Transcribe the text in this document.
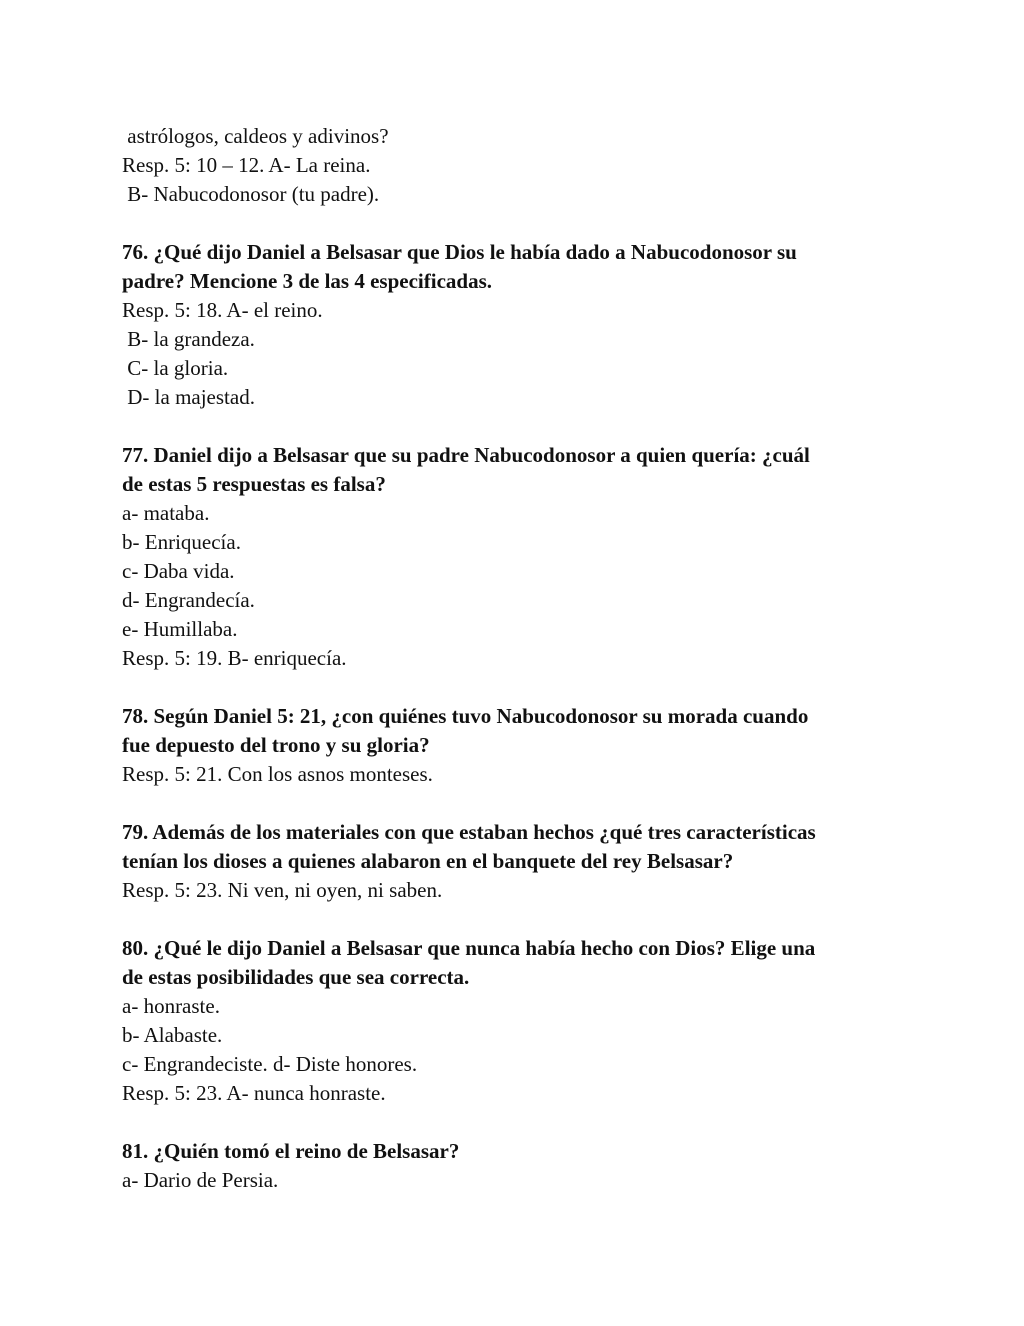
astrólogos, caldeos y adivinos?

Resp. 5: 10 – 12. A- La reina.

B- Nabucodonosor (tu padre).

76. ¿Qué dijo Daniel a Belsasar que Dios le había dado a Nabucodonosor su

padre? Mencione 3 de las 4 especificadas.

Resp. 5: 18. A- el reino.

B- la grandeza.

C- la gloria.

D- la majestad.

77. Daniel dijo a Belsasar que su padre Nabucodonosor a quien quería: ¿cuál

de estas 5 respuestas es falsa?

a- mataba.

b- Enriquecía.

c- Daba vida.

d- Engrandecía.

e- Humillaba.

Resp. 5: 19. B- enriquecía.

78. Según Daniel 5: 21, ¿con quiénes tuvo Nabucodonosor su morada cuando

fue depuesto del trono y su gloria?

Resp. 5: 21. Con los asnos monteses.

79. Además de los materiales con que estaban hechos ¿qué tres características

tenían los dioses a quienes alabaron en el banquete del rey Belsasar?

Resp. 5: 23. Ni ven, ni oyen, ni saben.

80. ¿Qué le dijo Daniel a Belsasar que nunca había hecho con Dios? Elige una

de estas posibilidades que sea correcta.

a- honraste.

b- Alabaste.

c- Engrandeciste. d- Diste honores.

Resp. 5: 23. A- nunca honraste.

81. ¿Quién tomó el reino de Belsasar?

a- Dario de Persia.
